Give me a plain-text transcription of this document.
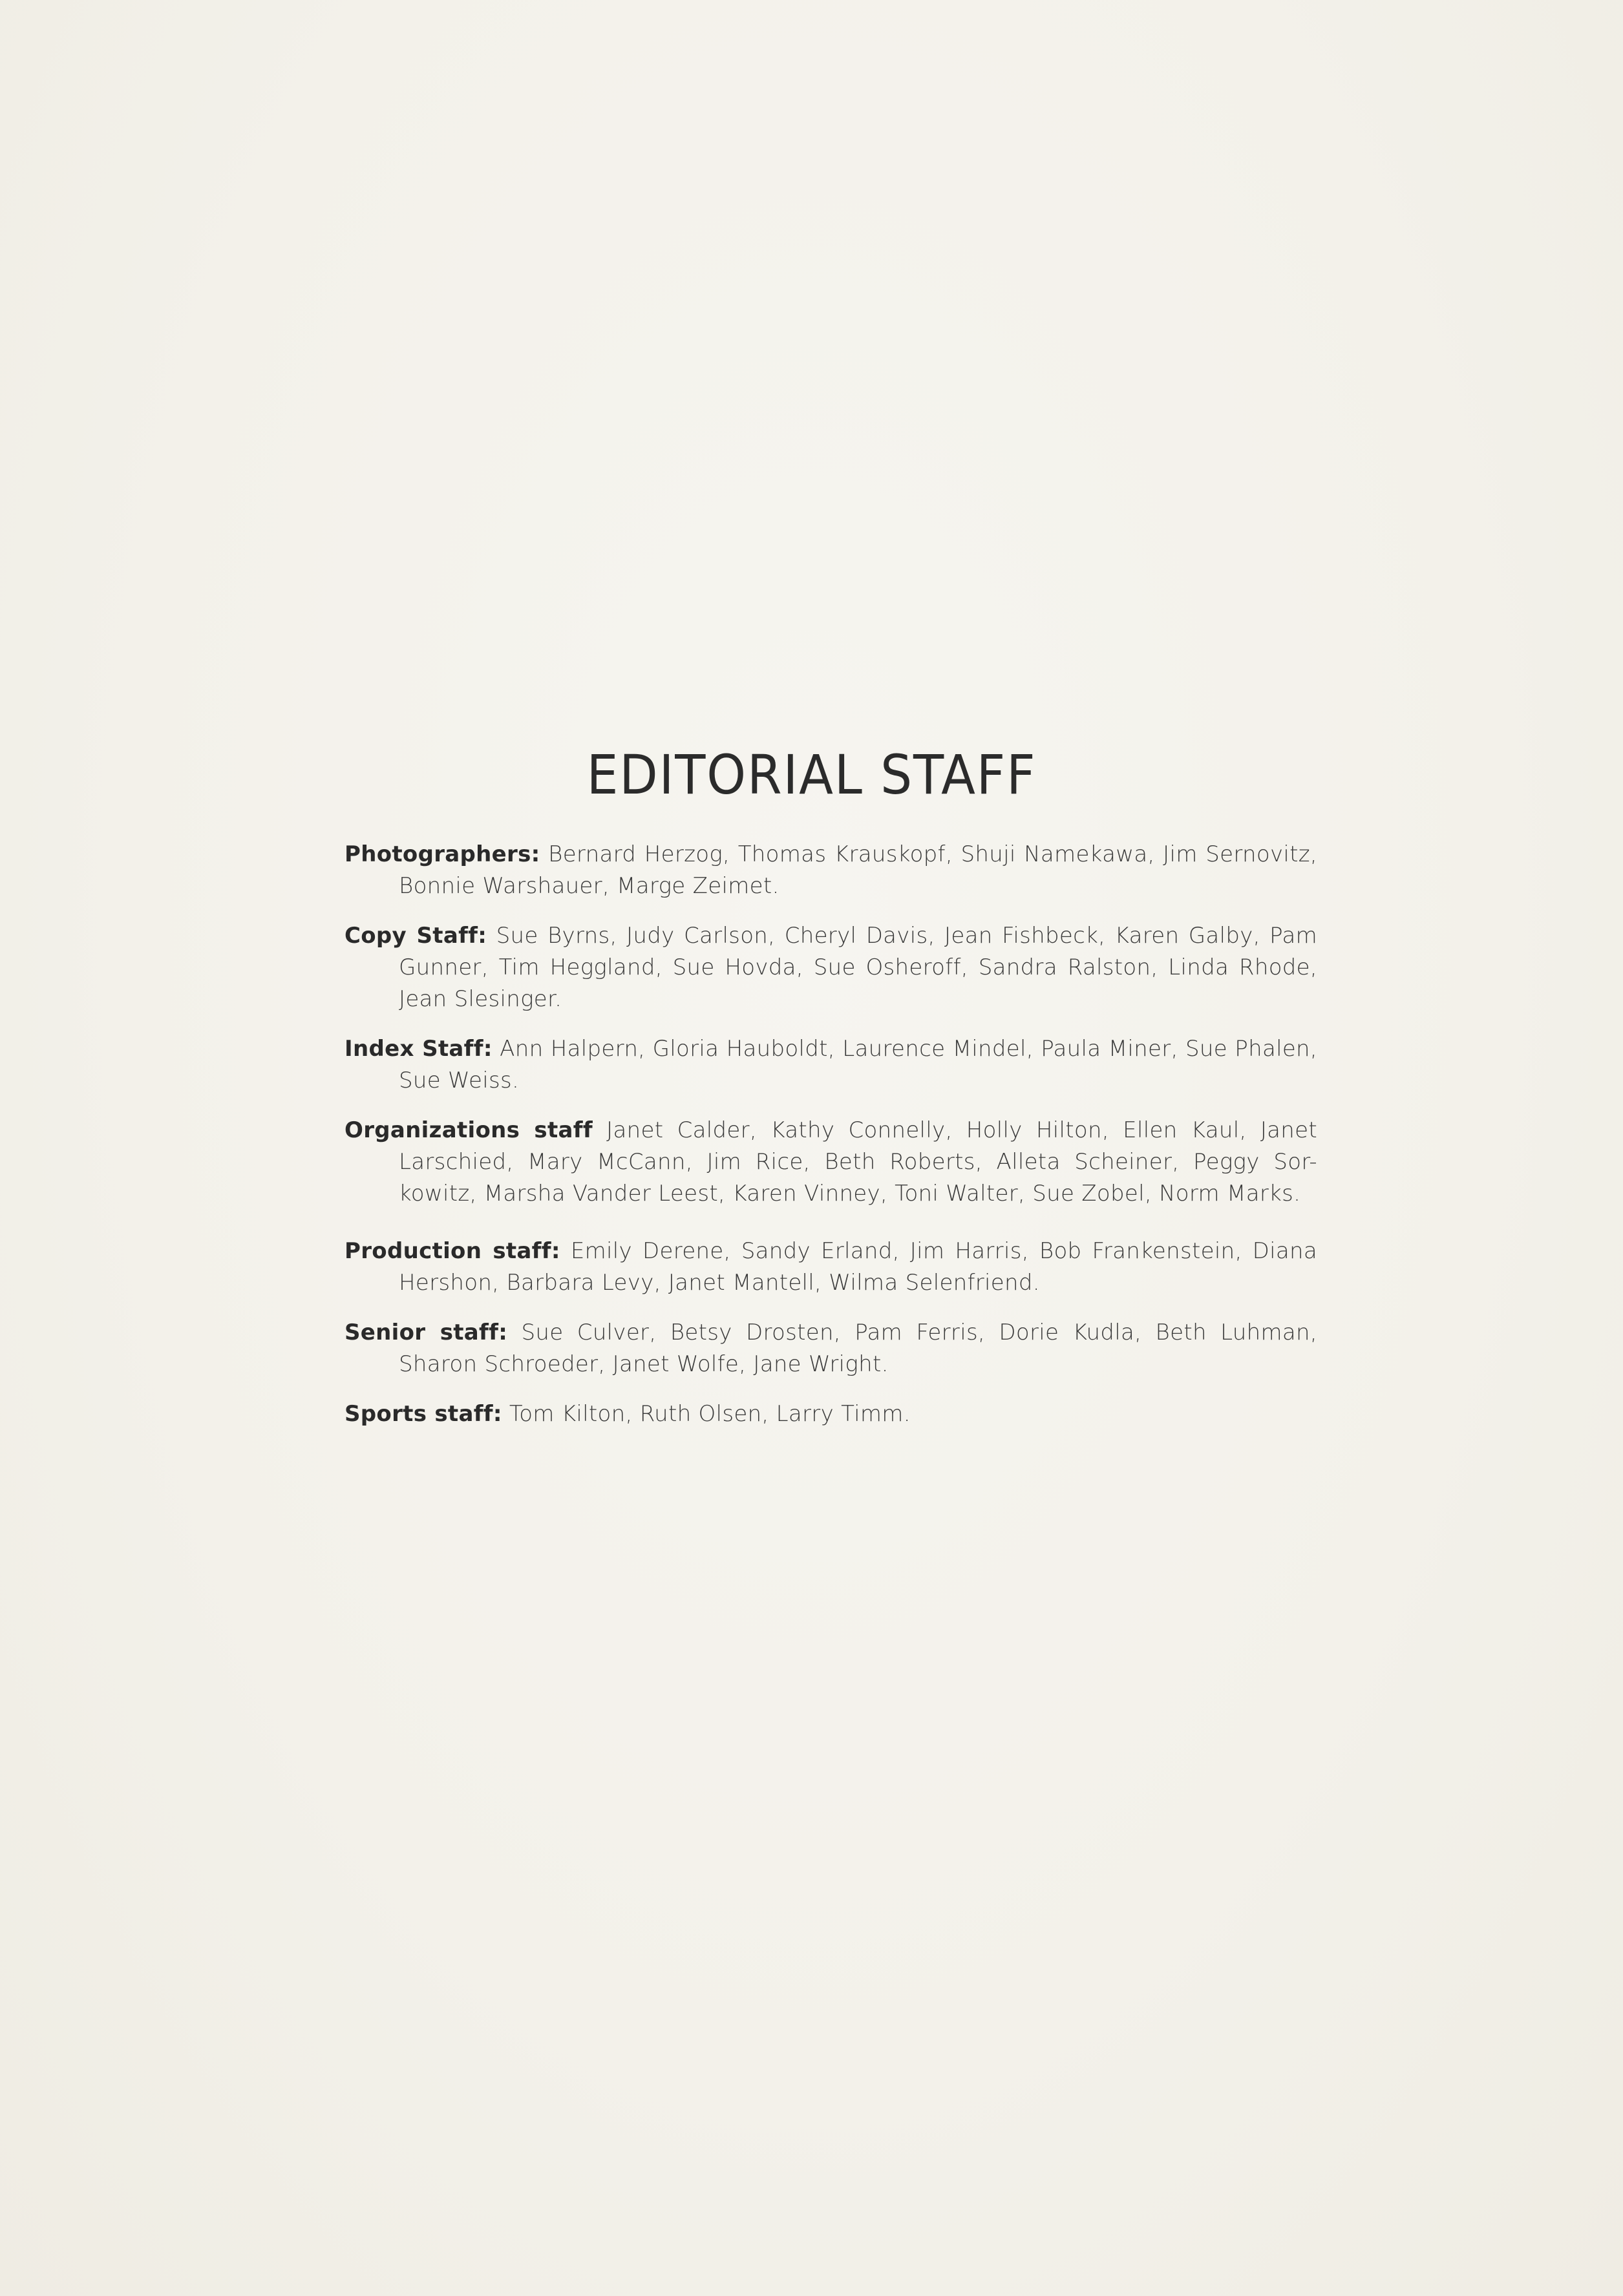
EDITORIAL STAFF

Photographers: Bernard Herzog, Thomas Krauskopf, Shuji Namekawa, Jim Sernovitz, Bonnie Warshauer, Marge Zeimet.

Copy Staff: Sue Byrns, Judy Carlson, Cheryl Davis, Jean Fishbeck, Karen Galby, Pam Gunner, Tim Heggland, Sue Hovda, Sue Osheroff, Sandra Ralston, Linda Rhode, Jean Slesinger.

Index Staff: Ann Halpern, Gloria Hauboldt, Laurence Mindel, Paula Miner, Sue Phalen, Sue Weiss.

Organizations staff Janet Calder, Kathy Connelly, Holly Hilton, Ellen Kaul, Janet Larschied, Mary McCann, Jim Rice, Beth Roberts, Alleta Scheiner, Peggy Sor-kowitz, Marsha Vander Leest, Karen Vinney, Toni Walter, Sue Zobel, Norm Marks.

Production staff: Emily Derene, Sandy Erland, Jim Harris, Bob Frankenstein, Diana Hershon, Barbara Levy, Janet Mantell, Wilma Selenfriend.

Senior staff: Sue Culver, Betsy Drosten, Pam Ferris, Dorie Kudla, Beth Luhman, Sharon Schroeder, Janet Wolfe, Jane Wright.

Sports staff: Tom Kilton, Ruth Olsen, Larry Timm.
